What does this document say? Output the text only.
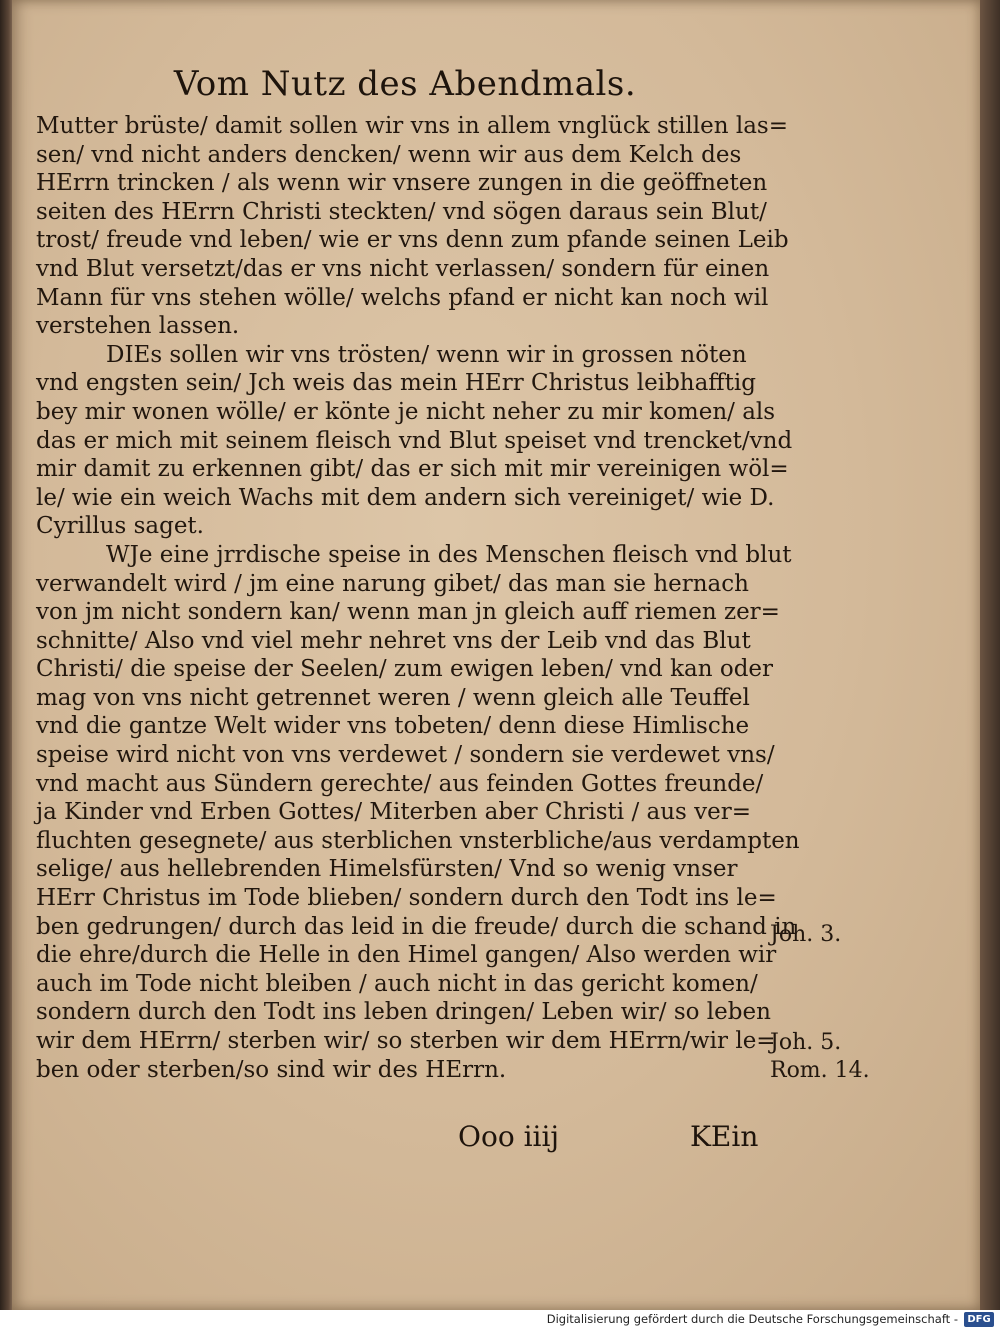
Vom Nutz des Abendmals.
Mutter brüste/ damit sollen wir vns in allem vnglück stillen las=
sen/ vnd nicht anders dencken/ wenn wir aus dem Kelch des
HErrn trincken / als wenn wir vnsere zungen in die geöffneten
seiten des HErrn Christi steckten/ vnd sögen daraus sein Blut/
trost/ freude vnd leben/ wie er vns denn zum pfande seinen Leib
vnd Blut versetzt/das er vns nicht verlassen/ sondern für einen
Mann für vns stehen wölle/ welchs pfand er nicht kan noch wil
verstehen lassen.
DIEs sollen wir vns trösten/ wenn wir in grossen nöten
vnd engsten sein/ Jch weis das mein HErr Christus leibhafftig
bey mir wonen wölle/ er könte je nicht neher zu mir komen/ als
das er mich mit seinem fleisch vnd Blut speiset vnd trencket/vnd
mir damit zu erkennen gibt/ das er sich mit mir vereinigen wöl=
le/ wie ein weich Wachs mit dem andern sich vereiniget/ wie D.
Cyrillus saget.
WJe eine jrrdische speise in des Menschen fleisch vnd blut
verwandelt wird / jm eine narung gibet/ das man sie hernach
von jm nicht sondern kan/ wenn man jn gleich auff riemen zer=
schnitte/ Also vnd viel mehr nehret vns der Leib vnd das Blut
Christi/ die speise der Seelen/ zum ewigen leben/ vnd kan oder
mag von vns nicht getrennet weren / wenn gleich alle Teuffel
vnd die gantze Welt wider vns tobeten/ denn diese Himlische
speise wird nicht von vns verdewet / sondern sie verdewet vns/
vnd macht aus Sündern gerechte/ aus feinden Gottes freunde/
ja Kinder vnd Erben Gottes/ Miterben aber Christi / aus ver=
fluchten gesegnete/ aus sterblichen vnsterbliche/aus verdampten
selige/ aus hellebrenden Himelsfürsten/ Vnd so wenig vnser
HErr Christus im Tode blieben/ sondern durch den Todt ins le=
ben gedrungen/ durch das leid in die freude/ durch die schand in
die ehre/durch die Helle in den Himel gangen/ Also werden wir
auch im Tode nicht bleiben / auch nicht in das gericht komen/
sondern durch den Todt ins leben dringen/ Leben wir/ so leben
wir dem HErrn/ sterben wir/ so sterben wir dem HErrn/wir le=
ben oder sterben/so sind wir des HErrn.
Joh. 3.
Joh. 5.
Rom. 14.
Ooo iiij	KEin
Digitalisierung gefördert durch die Deutsche Forschungsgemeinschaft - DFG
